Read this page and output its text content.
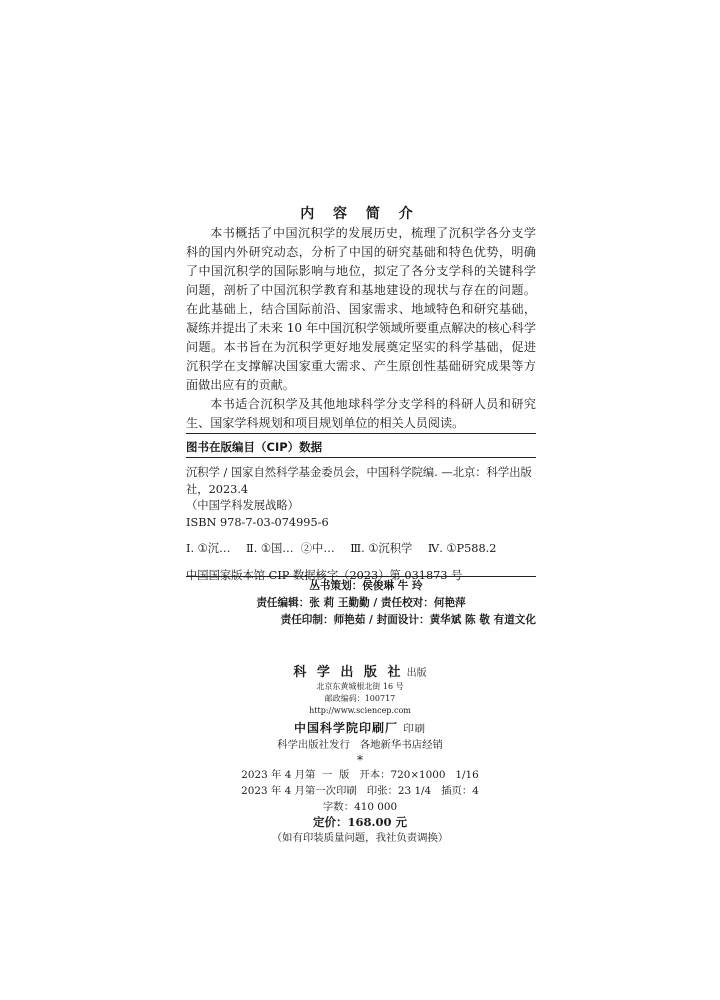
内 容 简 介

本书概括了中国沉积学的发展历史，梳理了沉积学各分支学科的国内外研究动态，分析了中国的研究基础和特色优势，明确了中国沉积学的国际影响与地位，拟定了各分支学科的关键科学问题，剖析了中国沉积学教育和基地建设的现状与存在的问题。在此基础上，结合国际前沿、国家需求、地域特色和研究基础，凝练并提出了未来 10 年中国沉积学领域所要重点解决的核心科学问题。本书旨在为沉积学更好地发展奠定坚实的科学基础，促进沉积学在支撑解决国家重大需求、产生原创性基础研究成果等方面做出应有的贡献。

本书适合沉积学及其他地球科学分支学科的科研人员和研究生、国家学科规划和项目规划单位的相关人员阅读。

图书在版编目（CIP）数据
沉积学 / 国家自然科学基金委员会，中国科学院编. —北京：科学出版
社，2023.4
（中国学科发展战略）
ISBN 978-7-03-074995-6
Ⅰ. ①沉… Ⅱ. ①国…  ②中… Ⅲ. ①沉积学 Ⅳ. ①P588.2
中国国家版本馆 CIP 数据核字（2023）第 031873 号
丛书策划：侯俊琳 牛 玲
责任编辑：张 莉 王勤勤 / 责任校对：何艳萍
责任印制：师艳茹 / 封面设计：黄华斌 陈 敬 有道文化
科 学 出 版 社 出版
北京东黄城根北街 16 号
邮政编码：100717
http://www.sciencep.com
中国科学院印刷厂 印刷
科学出版社发行   各地新华书店经销
*
2023 年 4 月第  一  版   开本：720×1000   1/16
2023 年 4 月第一次印刷   印张：23 1/4   插页：4
字数：410 000
定价：168.00 元
（如有印装质量问题，我社负责调换）
